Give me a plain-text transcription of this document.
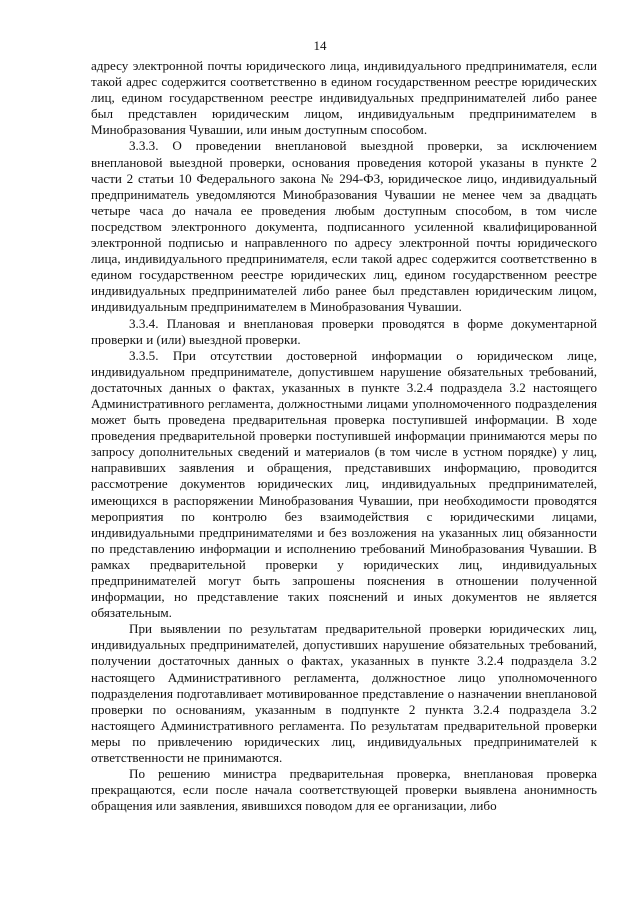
14

адресу электронной почты юридического лица, индивидуального предпринимателя, если такой адрес содержится соответственно в едином государственном реестре юридических лиц, едином государственном реестре индивидуальных предпринимателей либо ранее был представлен юридическим лицом, индивидуальным предпринимателем в Минобразования Чувашии, или иным доступным способом.

3.3.3. О проведении внеплановой выездной проверки, за исключением внеплановой выездной проверки, основания проведения которой указаны в пункте 2 части 2 статьи 10 Федерального закона № 294-ФЗ, юридическое лицо, индивидуальный предприниматель уведомляются Минобразования Чувашии не менее чем за двадцать четыре часа до начала ее проведения любым доступным способом, в том числе посредством электронного документа, подписанного усиленной квалифицированной электронной подписью и направленного по адресу электронной почты юридического лица, индивидуального предпринимателя, если такой адрес содержится соответственно в едином государственном реестре юридических лиц, едином государственном реестре индивидуальных предпринимателей либо ранее был представлен юридическим лицом, индивидуальным предпринимателем в Минобразования Чувашии.

3.3.4. Плановая и внеплановая проверки проводятся в форме документарной проверки и (или) выездной проверки.

3.3.5. При отсутствии достоверной информации о юридическом лице, индивидуальном предпринимателе, допустившем нарушение обязательных требований, достаточных данных о фактах, указанных в пункте 3.2.4 подраздела 3.2 настоящего Административного регламента, должностными лицами уполномоченного подразделения может быть проведена предварительная проверка поступившей информации. В ходе проведения предварительной проверки поступившей информации принимаются меры по запросу дополнительных сведений и материалов (в том числе в устном порядке) у лиц, направивших заявления и обращения, представивших информацию, проводится рассмотрение документов юридических лиц, индивидуальных предпринимателей, имеющихся в распоряжении Минобразования Чувашии, при необходимости проводятся мероприятия по контролю без взаимодействия с юридическими лицами, индивидуальными предпринимателями и без возложения на указанных лиц обязанности по представлению информации и исполнению требований Минобразования Чувашии. В рамках предварительной проверки у юридических лиц, индивидуальных предпринимателей могут быть запрошены пояснения в отношении полученной информации, но представление таких пояснений и иных документов не является обязательным.

При выявлении по результатам предварительной проверки юридических лиц, индивидуальных предпринимателей, допустивших нарушение обязательных требований, получении достаточных данных о фактах, указанных в пункте 3.2.4 подраздела 3.2 настоящего Административного регламента, должностное лицо уполномоченного подразделения подготавливает мотивированное представление о назначении внеплановой проверки по основаниям, указанным в подпункте 2 пункта 3.2.4 подраздела 3.2 настоящего Административного регламента. По результатам предварительной проверки меры по привлечению юридических лиц, индивидуальных предпринимателей к ответственности не принимаются.

По решению министра предварительная проверка, внеплановая проверка прекращаются, если после начала соответствующей проверки выявлена анонимность обращения или заявления, явившихся поводом для ее организации, либо
